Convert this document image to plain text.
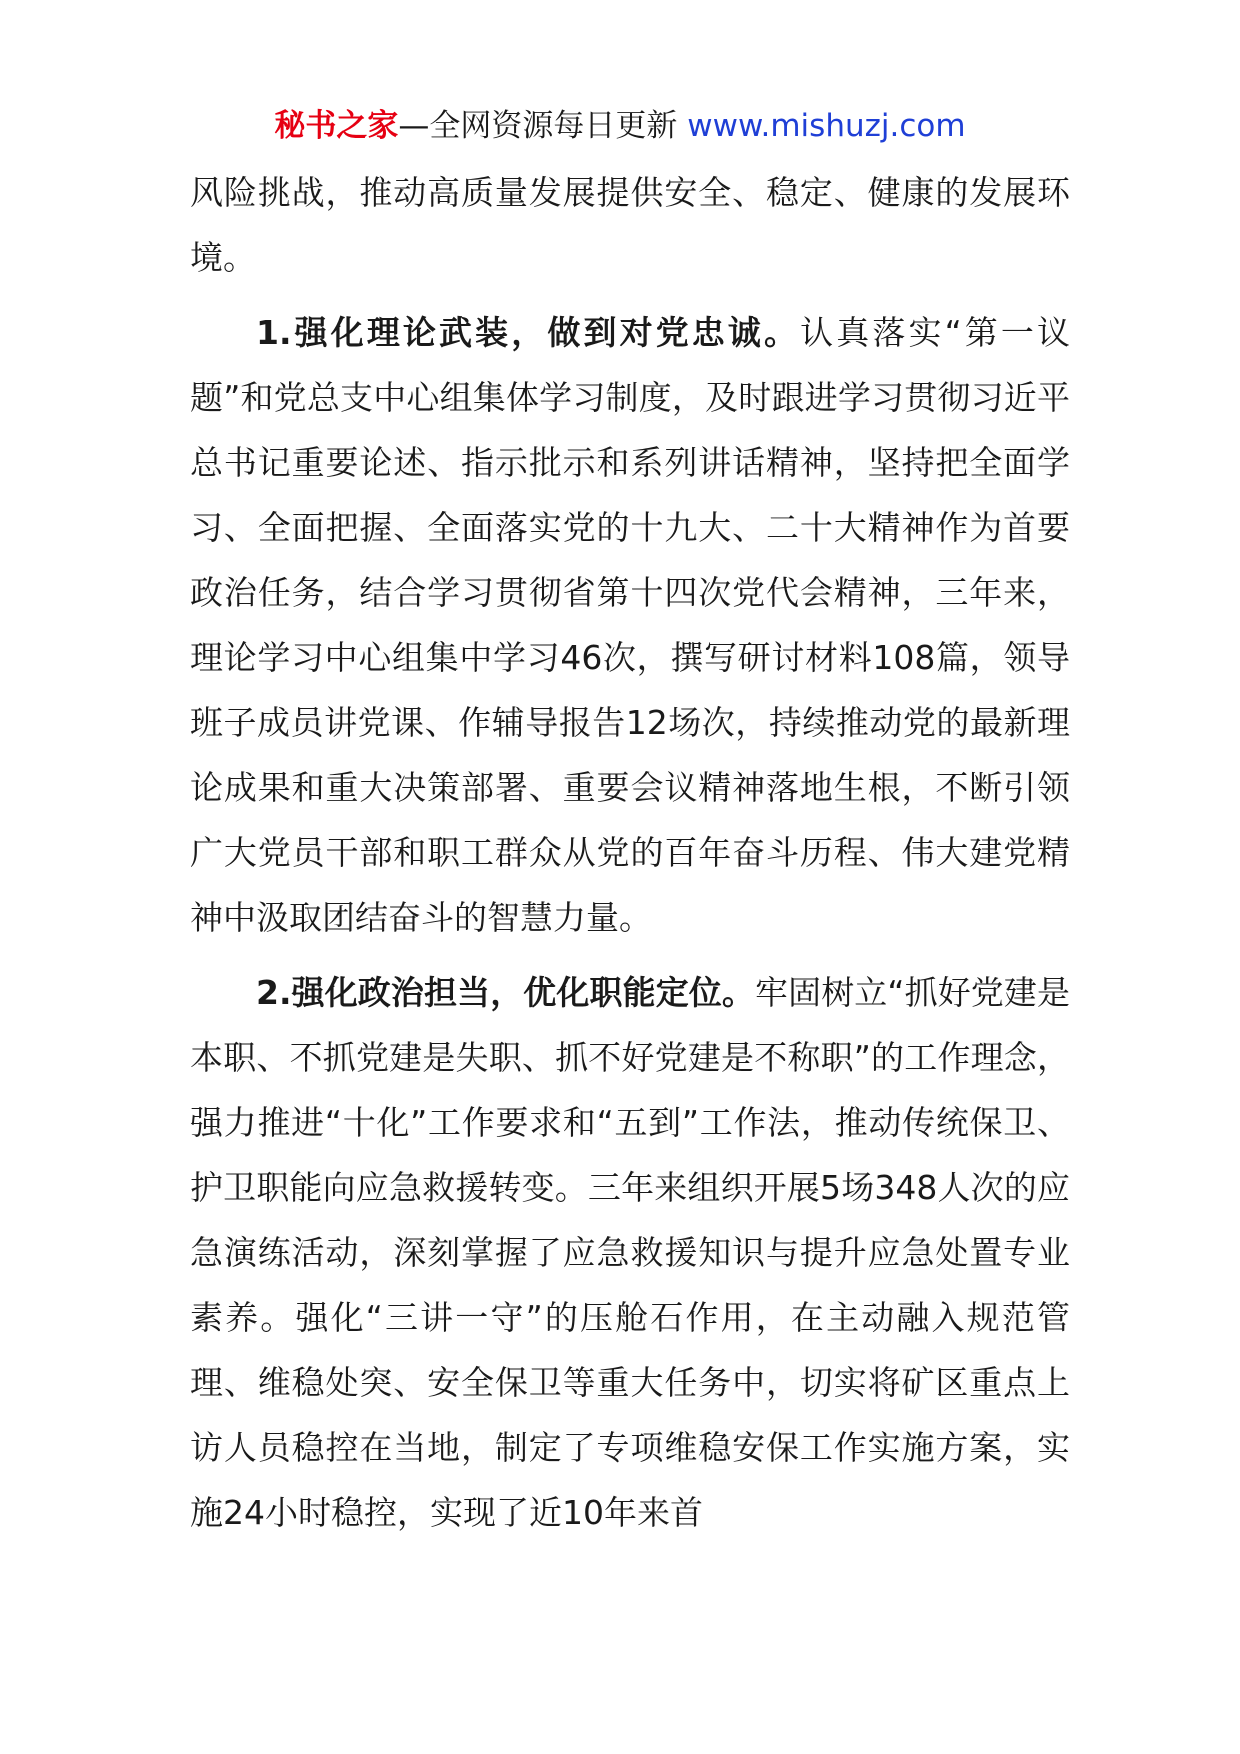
秘书之家—全网资源每日更新 www.mishuzj.com

风险挑战，推动高质量发展提供安全、稳定、健康的发展环境。

1.强化理论武装，做到对党忠诚。认真落实“第一议题”和党总支中心组集体学习制度，及时跟进学习贯彻习近平总书记重要论述、指示批示和系列讲话精神，坚持把全面学习、全面把握、全面落实党的十九大、二十大精神作为首要政治任务，结合学习贯彻省第十四次党代会精神，三年来，理论学习中心组集中学习46次，撰写研讨材料108篇，领导班子成员讲党课、作辅导报告12场次，持续推动党的最新理论成果和重大决策部署、重要会议精神落地生根，不断引领广大党员干部和职工群众从党的百年奋斗历程、伟大建党精神中汲取团结奋斗的智慧力量。

2.强化政治担当，优化职能定位。牢固树立“抓好党建是本职、不抓党建是失职、抓不好党建是不称职”的工作理念，强力推进“十化”工作要求和“五到”工作法，推动传统保卫、护卫职能向应急救援转变。三年来组织开展5场348人次的应急演练活动，深刻掌握了应急救援知识与提升应急处置专业素养。强化“三讲一守”的压舱石作用，在主动融入规范管理、维稳处突、安全保卫等重大任务中，切实将矿区重点上访人员稳控在当地，制定了专项维稳安保工作实施方案，实施24小时稳控，实现了近10年来首
